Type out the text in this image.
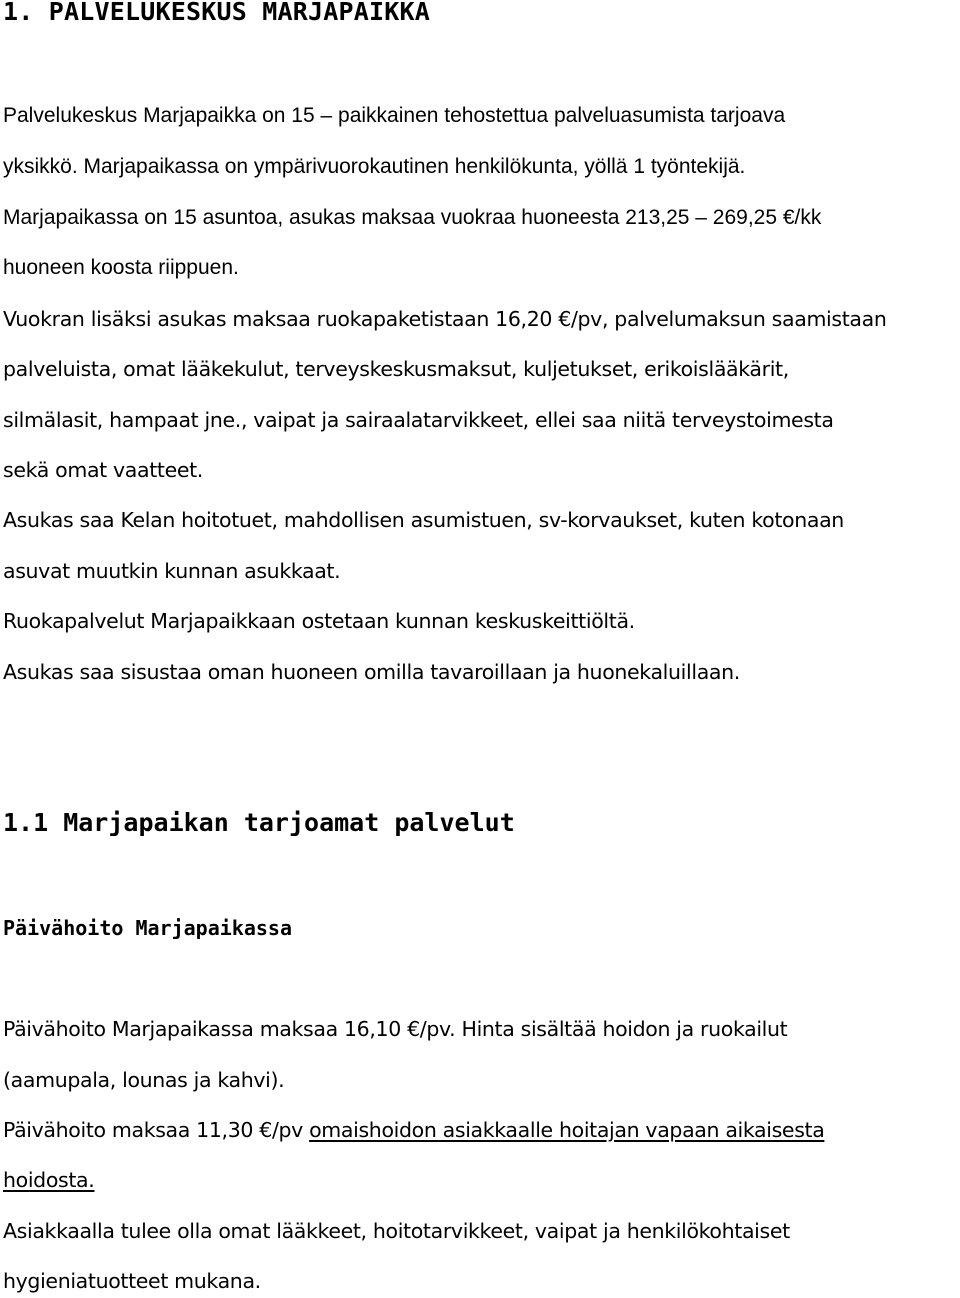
1. PALVELUKESKUS MARJAPAIKKA
Palvelukeskus Marjapaikka on 15 – paikkainen tehostettua palveluasumista tarjoava
yksikkö. Marjapaikassa on ympärivuorokautinen henkilökunta, yöllä 1 työntekijä.
Marjapaikassa on 15 asuntoa, asukas maksaa vuokraa huoneesta 213,25 – 269,25 €/kk
huoneen koosta riippuen.
Vuokran lisäksi asukas maksaa ruokapaketistaan 16,20 €/pv, palvelumaksun saamistaan
palveluista, omat lääkekulut, terveyskeskusmaksut, kuljetukset, erikoislääkärit,
silmälasit, hampaat jne., vaipat ja sairaalatarvikkeet, ellei saa niitä terveystoimesta
sekä omat vaatteet.
Asukas saa Kelan hoitotuet, mahdollisen asumistuen, sv-korvaukset, kuten kotonaan
asuvat muutkin kunnan asukkaat.
Ruokapalvelut Marjapaikkaan ostetaan kunnan keskuskeittiöltä.
Asukas saa sisustaa oman huoneen omilla tavaroillaan ja huonekaluillaan.
1.1 Marjapaikan tarjoamat palvelut
Päivähoito Marjapaikassa
Päivähoito Marjapaikassa maksaa 16,10 €/pv. Hinta sisältää hoidon ja ruokailut
(aamupala, lounas ja kahvi).
Päivähoito maksaa 11,30 €/pv omaishoidon asiakkaalle hoitajan vapaan aikaisesta
hoidosta.
Asiakkaalla tulee olla omat lääkkeet, hoitotarvikkeet, vaipat ja henkilökohtaiset
hygieniatuotteet mukana.
